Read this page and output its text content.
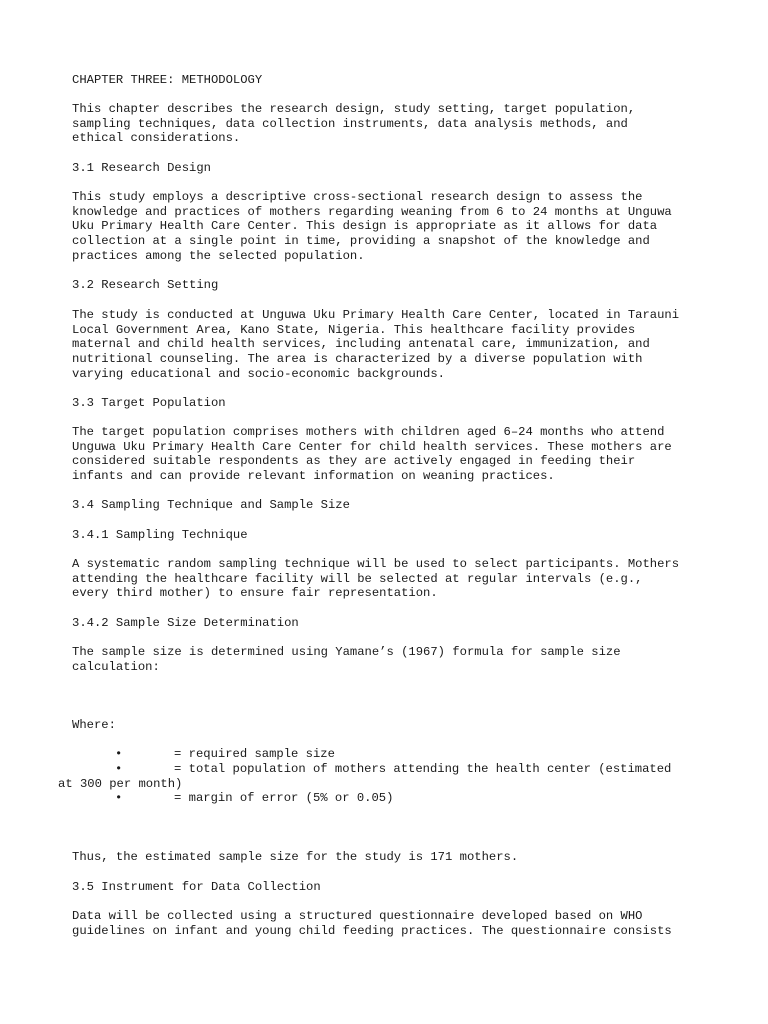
CHAPTER THREE: METHODOLOGY
This chapter describes the research design, study setting, target population,
sampling techniques, data collection instruments, data analysis methods, and
ethical considerations.
3.1 Research Design
This study employs a descriptive cross-sectional research design to assess the
knowledge and practices of mothers regarding weaning from 6 to 24 months at Unguwa
Uku Primary Health Care Center. This design is appropriate as it allows for data
collection at a single point in time, providing a snapshot of the knowledge and
practices among the selected population.
3.2 Research Setting
The study is conducted at Unguwa Uku Primary Health Care Center, located in Tarauni
Local Government Area, Kano State, Nigeria. This healthcare facility provides
maternal and child health services, including antenatal care, immunization, and
nutritional counseling. The area is characterized by a diverse population with
varying educational and socio-economic backgrounds.
3.3 Target Population
The target population comprises mothers with children aged 6–24 months who attend
Unguwa Uku Primary Health Care Center for child health services. These mothers are
considered suitable respondents as they are actively engaged in feeding their
infants and can provide relevant information on weaning practices.
3.4 Sampling Technique and Sample Size
3.4.1 Sampling Technique
A systematic random sampling technique will be used to select participants. Mothers
attending the healthcare facility will be selected at regular intervals (e.g.,
every third mother) to ensure fair representation.
3.4.2 Sample Size Determination
The sample size is determined using Yamane’s (1967) formula for sample size
calculation:
Where:
•	= required sample size
•	= total population of mothers attending the health center (estimated
at 300 per month)
•	= margin of error (5% or 0.05)
Thus, the estimated sample size for the study is 171 mothers.
3.5 Instrument for Data Collection
Data will be collected using a structured questionnaire developed based on WHO
guidelines on infant and young child feeding practices. The questionnaire consists
